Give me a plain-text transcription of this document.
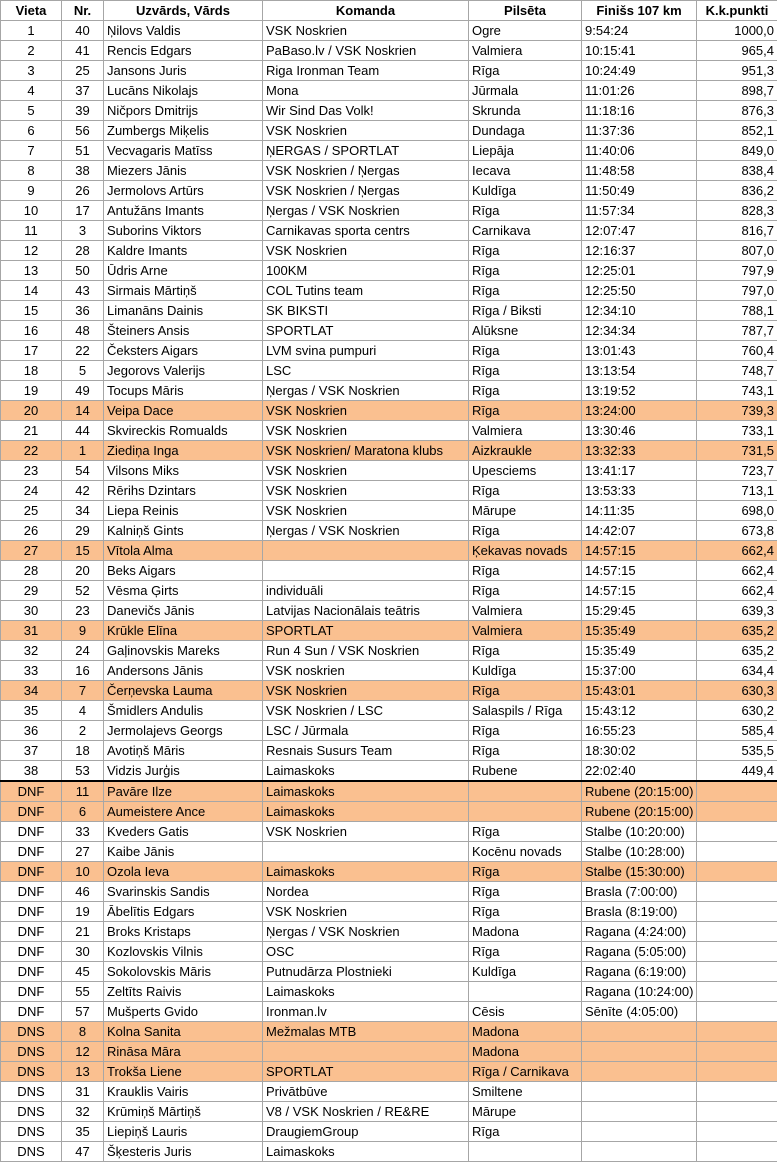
Vieta	Nr.	Uzvārds, Vārds	Komanda	Pilsēta	Finišs 107 km	K.k.punkti
1	40	Ņilovs Valdis	VSK Noskrien	Ogre	9:54:24	1000,0
2	41	Rencis Edgars	PaBaso.lv / VSK Noskrien	Valmiera	10:15:41	965,4
3	25	Jansons Juris	Riga Ironman Team	Rīga	10:24:49	951,3
4	37	Lucāns Nikolajs	Mona	Jūrmala	11:01:26	898,7
5	39	Ničpors Dmitrijs	Wir Sind Das Volk!	Skrunda	11:18:16	876,3
6	56	Zumbergs Miķelis	VSK Noskrien	Dundaga	11:37:36	852,1
7	51	Vecvagaris Matīss	ŅERGAS / SPORTLAT	Liepāja	11:40:06	849,0
8	38	Miezers Jānis	VSK Noskrien / Ņergas	Iecava	11:48:58	838,4
9	26	Jermolovs Artūrs	VSK Noskrien / Ņergas	Kuldīga	11:50:49	836,2
10	17	Antužāns Imants	Ņergas / VSK Noskrien	Rīga	11:57:34	828,3
11	3	Suborins Viktors	Carnikavas sporta centrs	Carnikava	12:07:47	816,7
12	28	Kaldre Imants	VSK Noskrien	Rīga	12:16:37	807,0
13	50	Ūdris Arne	100KM	Rīga	12:25:01	797,9
14	43	Sirmais Mārtiņš	COL Tutins team	Rīga	12:25:50	797,0
15	36	Limanāns Dainis	SK BIKSTI	Rīga / Biksti	12:34:10	788,1
16	48	Šteiners Ansis	SPORTLAT	Alūksne	12:34:34	787,7
17	22	Čeksters Aigars	LVM svina pumpuri	Rīga	13:01:43	760,4
18	5	Jegorovs Valerijs	LSC	Rīga	13:13:54	748,7
19	49	Tocups Māris	Ņergas / VSK Noskrien	Rīga	13:19:52	743,1
20	14	Veipa Dace	VSK Noskrien	Rīga	13:24:00	739,3
21	44	Skvireckis Romualds	VSK Noskrien	Valmiera	13:30:46	733,1
22	1	Ziediņa Inga	VSK Noskrien/ Maratona klubs	Aizkraukle	13:32:33	731,5
23	54	Vilsons Miks	VSK Noskrien	Upesciems	13:41:17	723,7
24	42	Rērihs Dzintars	VSK Noskrien	Rīga	13:53:33	713,1
25	34	Liepa Reinis	VSK Noskrien	Mārupe	14:11:35	698,0
26	29	Kalniņš Gints	Ņergas / VSK Noskrien	Rīga	14:42:07	673,8
27	15	Vītola Alma		Ķekavas novads	14:57:15	662,4
28	20	Beks Aigars		Rīga	14:57:15	662,4
29	52	Vēsma Ģirts	individuāli	Rīga	14:57:15	662,4
30	23	Danevičs Jānis	Latvijas Nacionālais teātris	Valmiera	15:29:45	639,3
31	9	Krūkle Elīna	SPORTLAT	Valmiera	15:35:49	635,2
32	24	Gaļinovskis Mareks	Run 4 Sun / VSK Noskrien	Rīga	15:35:49	635,2
33	16	Andersons Jānis	VSK noskrien	Kuldīga	15:37:00	634,4
34	7	Čerņevska Lauma	VSK Noskrien	Rīga	15:43:01	630,3
35	4	Šmidlers Andulis	VSK Noskrien / LSC	Salaspils / Rīga	15:43:12	630,2
36	2	Jermolajevs Georgs	LSC / Jūrmala	Rīga	16:55:23	585,4
37	18	Avotiņš Māris	Resnais Susurs Team	Rīga	18:30:02	535,5
38	53	Vidzis Jurģis	Laimaskoks	Rubene	22:02:40	449,4
DNF	11	Pavāre Ilze	Laimaskoks		Rubene (20:15:00)	
DNF	6	Aumeistere Ance	Laimaskoks		Rubene (20:15:00)	
DNF	33	Kveders Gatis	VSK Noskrien	Rīga	Stalbe (10:20:00)	
DNF	27	Kaibe Jānis		Kocēnu novads	Stalbe (10:28:00)	
DNF	10	Ozola Ieva	Laimaskoks	Rīga	Stalbe (15:30:00)	
DNF	46	Svarinskis Sandis	Nordea	Rīga	Brasla (7:00:00)	
DNF	19	Ābelītis Edgars	VSK Noskrien	Rīga	Brasla (8:19:00)	
DNF	21	Broks Kristaps	Ņergas / VSK Noskrien	Madona	Ragana (4:24:00)	
DNF	30	Kozlovskis Vilnis	OSC	Rīga	Ragana (5:05:00)	
DNF	45	Sokolovskis Māris	Putnudārza Plostnieki	Kuldīga	Ragana (6:19:00)	
DNF	55	Zeltīts Raivis	Laimaskoks		Ragana (10:24:00)	
DNF	57	Mušperts Gvido	Ironman.lv	Cēsis	Sēnīte (4:05:00)	
DNS	8	Kolna Sanita	Mežmalas MTB	Madona		
DNS	12	Rināsa Māra		Madona		
DNS	13	Trokša Liene	SPORTLAT	Rīga / Carnikava		
DNS	31	Krauklis Vairis	Privātbūve	Smiltene		
DNS	32	Krūmiņš Mārtiņš	V8 / VSK Noskrien / RE&RE	Mārupe		
DNS	35	Liepiņš Lauris	DraugiemGroup	Rīga		
DNS	47	Šķesteris Juris	Laimaskoks			
